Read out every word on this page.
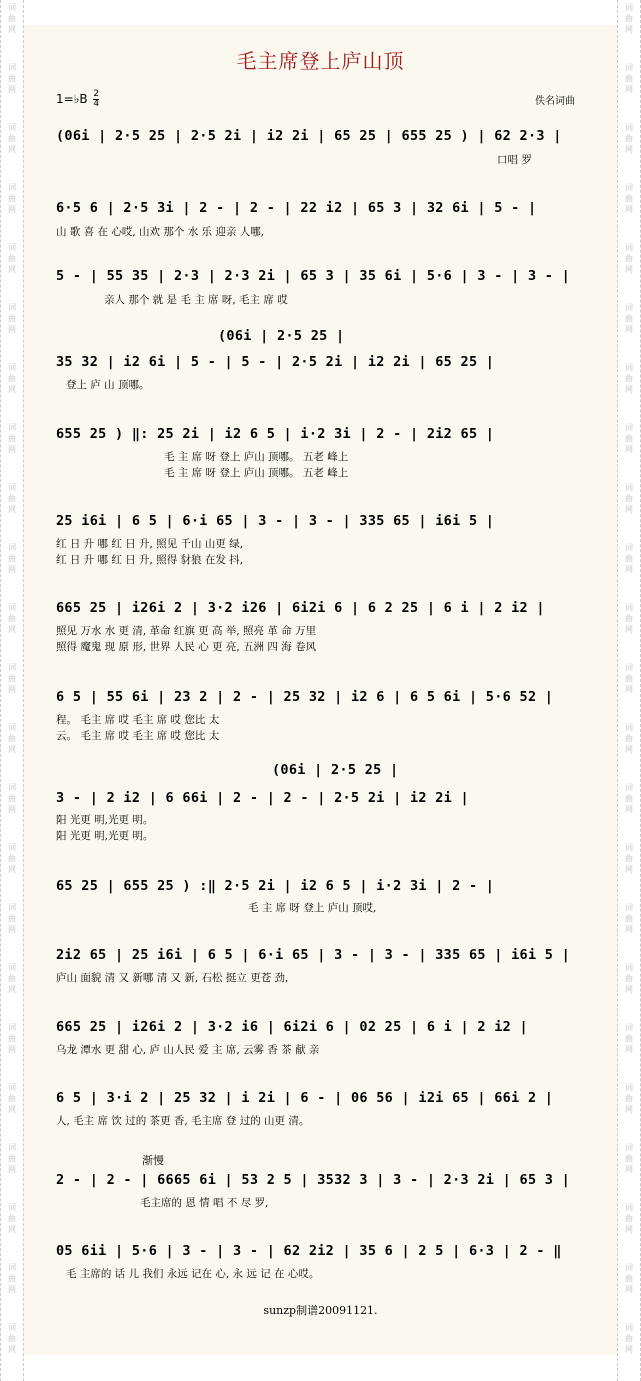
词
曲
网
词
曲
网
词
曲
网
词
曲
网
词
曲
网
词
曲
网
词
曲
网
词
曲
网
词
曲
网
词
曲
网
词
曲
网
词
曲
网
词
曲
网
词
曲
网
词
曲
网
词
曲
网
词
曲
网
词
曲
网
词
曲
网
词
曲
网
词
曲
网
词
曲
网
词
曲
网
词
曲
网
词
曲
网
词
曲
网
词
曲
网
词
曲
网
词
曲
网
词
曲
网
词
曲
网
词
曲
网
词
曲
网
词
曲
网
词
曲
网
词
曲
网
词
曲
网
词
曲
网
词
曲
网
词
曲
网
词
曲
网
词
曲
网
词
曲
网
词
曲
网
词
曲
网
词
曲
网
毛主席登上庐山顶
1=♭B $\frac{2}{4}$	佚名词曲
(06i | 2·5 25 | 2·5 2i | i2 2i | 65 25 | 655 25 ) | 62 2·3 |
口唱 罗
6·5 6 | 2·5 3i | 2 - | 2 - | 22 i2 | 65 3 | 32 6i | 5 - |
山 歌 喜 在 心哎, 山欢 那个 水 乐 迎亲 人哪,
5 - | 55 35 | 2·3 | 2·3 2i | 65 3 | 35 6i | 5·6 | 3 - | 3 - |
亲人 那个 就 是 毛 主 席 呀, 毛主 席 哎
(06i | 2·5 25 |
35 32 | i2 6i | 5 - | 5 - | 2·5 2i | i2 2i | 65 25 |
登上 庐 山 顶哪。
655 25 ) ‖: 25 2i | i2 6 5 | i·2 3i | 2 - | 2i2 65 |
毛 主 席 呀 登上 庐山 顶哪。 五老 峰上
毛 主 席 呀 登上 庐山 顶哪。 五老 峰上
25 i6i | 6 5 | 6·i 65 | 3 - | 3 - | 335 65 | i6i 5 |
红 日 升 哪 红 日 升, 照见 千山 山更 绿,
红 日 升 哪 红 日 升, 照得 豺狼 在发 抖,
665 25 | i26i 2 | 3·2 i26 | 6i2i 6 | 6 2 25 | 6 i | 2 i2 |
照见 万水 水 更 清, 革命 红旗 更 高 举, 照亮 革 命 万里
照得 魔鬼 现 原 形, 世界 人民 心 更 亮, 五洲 四 海 卷风
6 5 | 55 6i | 23 2 | 2 - | 25 32 | i2 6 | 6 5 6i | 5·6 52 |
程。 毛主 席 哎 毛主 席 哎 您比 太
云。 毛主 席 哎 毛主 席 哎 您比 太
(06i | 2·5 25 |
3 - | 2 i2 | 6 66i | 2 - | 2 - | 2·5 2i | i2 2i |
阳 光更 明,光更 明。
阳 光更 明,光更 明。
65 25 | 655 25 ) :‖ 2·5 2i | i2 6 5 | i·2 3i | 2 - |
毛 主 席 呀 登上 庐山 顶哎,
2i2 65 | 25 i6i | 6 5 | 6·i 65 | 3 - | 3 - | 335 65 | i6i 5 |
庐山 面貌 清 又 新哪 清 又 新, 石松 挺立 更苍 劲,
665 25 | i26i 2 | 3·2 i6 | 6i2i 6 | 02 25 | 6 i | 2 i2 |
乌龙 潭水 更 甜 心, 庐 山人民 爱 主 席, 云雾 香 茶 献 亲
6 5 | 3·i 2 | 25 32 | i 2i | 6 - | 06 56 | i2i 65 | 66i 2 |
人, 毛主 席 饮 过的 茶更 香, 毛主席 登 过的 山更 清。
渐慢
2 - | 2 - | 6665 6i | 53 2 5 | 3532 3 | 3 - | 2·3 2i | 65 3 |
毛主席的 恩 情 唱 不 尽 罗,
05 6ii | 5·6 | 3 - | 3 - | 62 2i2 | 35 6 | 2 5 | 6·3 | 2 - ‖
毛 主席的 话 儿 我们 永远 记在 心, 永 远 记 在 心哎。
sunzp制谱20091121.
